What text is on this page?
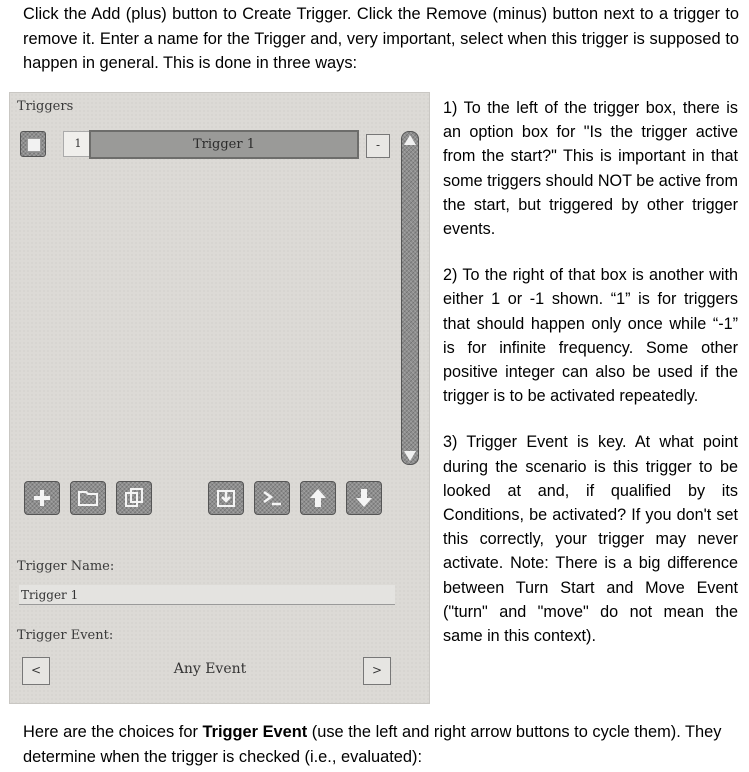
Click the Add (plus) button to Create Trigger. Click the Remove (minus) button next to a trigger to remove it. Enter a name for the Trigger and, very important, select when this trigger is supposed to happen in general. This is done in three ways:
Triggers
1	Trigger 1	-
Trigger Name:
Trigger 1
Trigger Event:
<	Any Event	>

1) To the left of the trigger box, there is an option box for "Is the trigger active from the start?" This is important in that some triggers should NOT be active from the start, but triggered by other trigger events.

2) To the right of that box is another with either 1 or -1 shown. “1” is for triggers that should happen only once while “-1” is for infinite frequency. Some other positive integer can also be used if the trigger is to be activated repeatedly.

3) Trigger Event is key. At what point during the scenario is this trigger to be looked at and, if qualified by its Conditions, be activated? If you don't set this correctly, your trigger may never activate. Note: There is a big difference between Turn Start and Move Event ("turn" and "move" do not mean the same in this context).

Here are the choices for Trigger Event (use the left and right arrow buttons to cycle them). They determine when the trigger is checked (i.e., evaluated):
